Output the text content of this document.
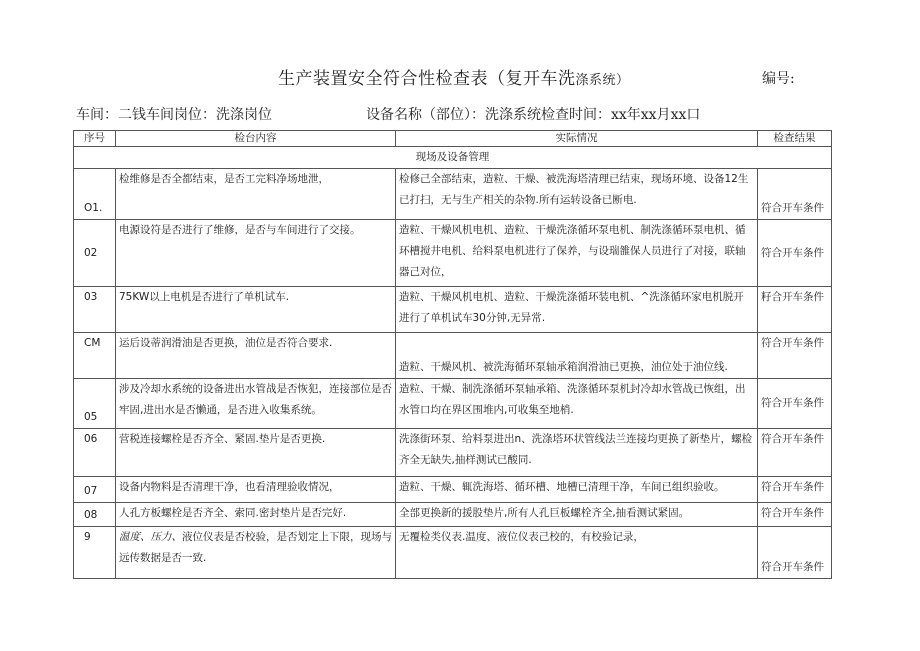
生产装置安全符合性检查表（复开车洗涤系统）	编号:
车间：二钱车间岗位：洗涤岗位	设备名称（部位）：洗涤系统检查时间：xx年xx月xx口
序号	检台内容	实际情况	检查结果
现场及设备管理			
O1.	检维修是否全都结束，是否工完料净场地泄，	检修己全部结束，造粒、干燥、被洗海塔清理已结束，现场环境、设备12生已打扫，无与生产相关的杂物.所有运转设备已断电.	符合开车条件
02	电源设符是否进行了维修，是否与车间进行了交接。	造粒、干燥风机电机、造粒、干燥洗涤循环泵电机、制洗涤循环泵电机、循环槽搅井电机、给料泵电机进行了保养，与设瑞雒保人员进行了对接，联轴器己对位，	符合开车条件
03	75KW以上电机是否进行了单机试车.	造粒、干燥风机电机、造粒、干燥洗涤循环装电机、^洗涤循环家电机脱开进行了单机试车30分钟,无异常.	籽合开车条件
CM	运后设蒂润滑油是否更换，油位是否符合要求.	造粒、干燥风机、被洗海循环泵轴承箱润滑油已更换，油位处于油位线.	符合开车条件
05	涉及冷却水系统的设备进出水管战是否恢犯，连接部位是否牢固,进出水是否懒通，是否进入收集系统。	造粒、干燥、制洗涤循环泵轴承箱、洗涤循环泵机封冷却水管战已恢组，出水管口均在界区围堆内,可收集至地梢.	符合开车条件
06	营税连接螺栓是否齐全、紧固.垫片是否更换.	洗涤街环泵、给料泵进出n、洗涤塔环状管线法兰连接均更换了新垫片，螺检齐全无缺失,抽样测试已酸同.	符合开车条件
07	设备内物料是否清理干净，也看清理验收情况，	造粒、干燥、辄洗海塔、循环槽、地槽已清理干净，车间已组织验收。	符合开车条件
08	人孔方板螺栓是否齐全、索同.密封垫片是否完好.	全部更换新的援股垫片,所有人孔巨板螺栓齐全,抽看测试紧固。	符合开车条件
9	温度、压力、液位仪表是否校验，是否划定上下限，现场与远传数据是否一致.	无覆检类仪表.温度、液位仪表己校的，有校验记录，	符合开车条件
